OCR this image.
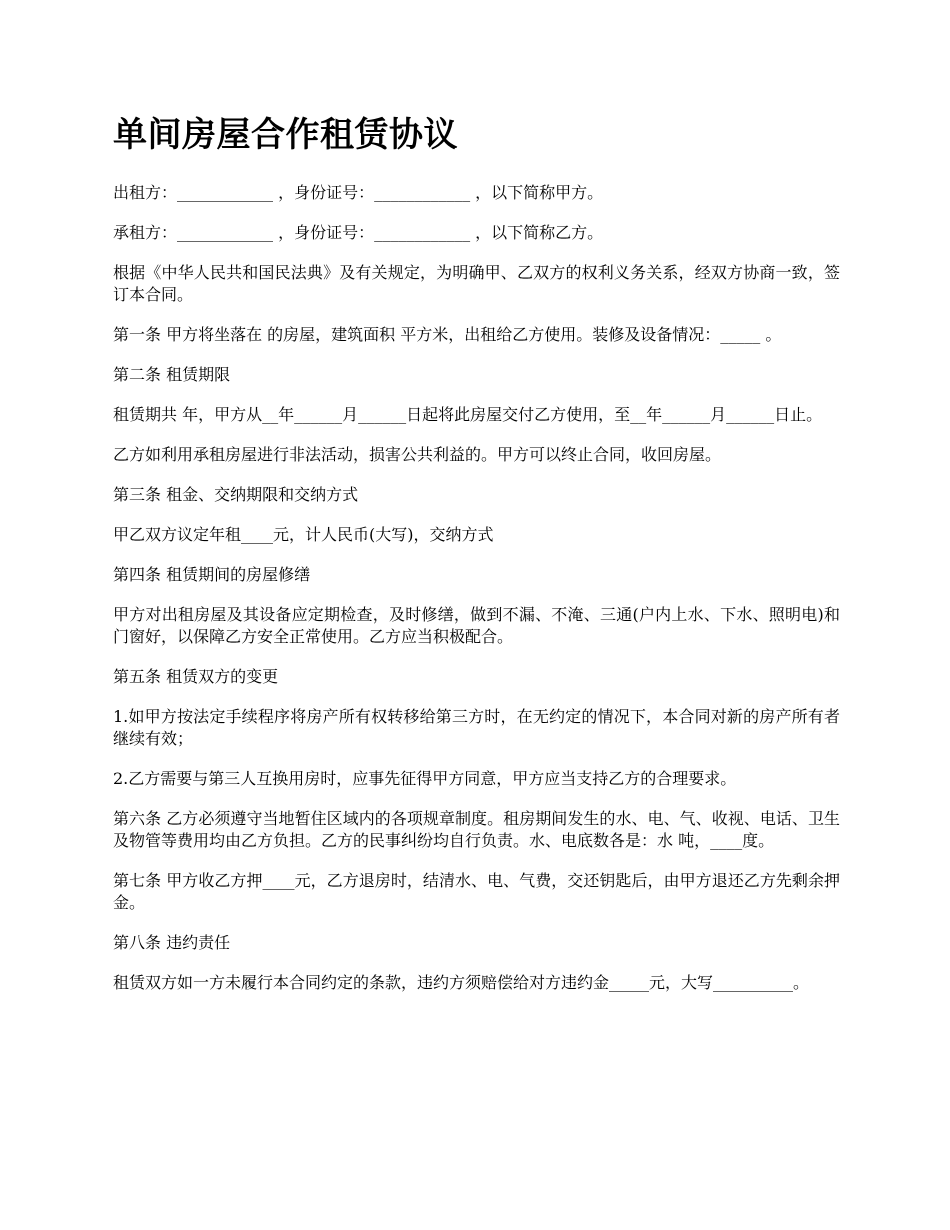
单间房屋合作租赁协议

出租方：____________ ，身份证号：____________ ，以下简称甲方。

承租方：____________ ，身份证号：____________ ，以下简称乙方。

根据《中华人民共和国民法典》及有关规定，为明确甲、乙双方的权利义务关系，经双方协商一致，签订本合同。

第一条 甲方将坐落在 的房屋，建筑面积 平方米，出租给乙方使用。装修及设备情况：_____ 。

第二条 租赁期限

租赁期共 年，甲方从__年______月______日起将此房屋交付乙方使用，至__年______月______日止。

乙方如利用承租房屋进行非法活动，损害公共利益的。甲方可以终止合同，收回房屋。

第三条 租金、交纳期限和交纳方式

甲乙双方议定年租____元，计人民币(大写)，交纳方式

第四条 租赁期间的房屋修缮

甲方对出租房屋及其设备应定期检查，及时修缮，做到不漏、不淹、三通(户内上水、下水、照明电)和门窗好，以保障乙方安全正常使用。乙方应当积极配合。

第五条 租赁双方的变更

1.如甲方按法定手续程序将房产所有权转移给第三方时，在无约定的情况下，本合同对新的房产所有者继续有效；

2.乙方需要与第三人互换用房时，应事先征得甲方同意，甲方应当支持乙方的合理要求。

第六条 乙方必须遵守当地暂住区域内的各项规章制度。租房期间发生的水、电、气、收视、电话、卫生及物管等费用均由乙方负担。乙方的民事纠纷均自行负责。水、电底数各是：水 吨，____度。

第七条 甲方收乙方押____元，乙方退房时，结清水、电、气费，交还钥匙后，由甲方退还乙方先剩余押金。

第八条 违约责任

租赁双方如一方未履行本合同约定的条款，违约方须赔偿给对方违约金_____元，大写__________。
